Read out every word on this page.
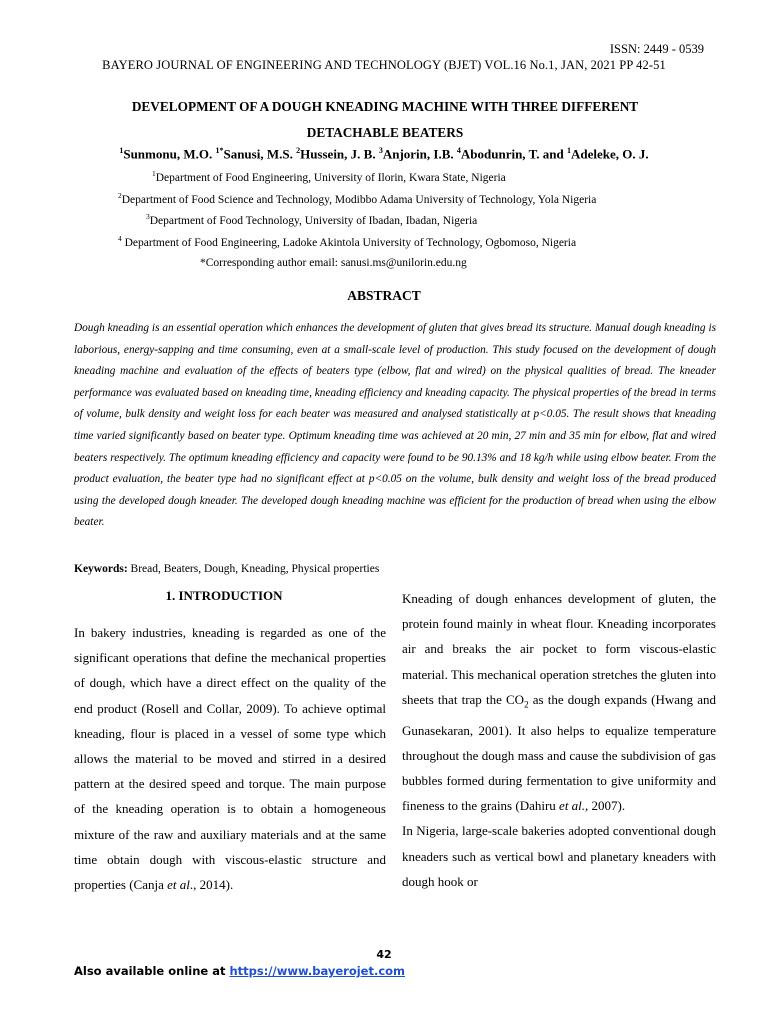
ISSN: 2449 - 0539
BAYERO JOURNAL OF ENGINEERING AND TECHNOLOGY (BJET) VOL.16 No.1, JAN, 2021 PP 42-51
DEVELOPMENT OF A DOUGH KNEADING MACHINE WITH THREE DIFFERENT
DETACHABLE BEATERS
$^1$Sunmonu, M.O. $^{1*}$Sanusi, M.S. $^2$Hussein, J. B. $^3$Anjorin, I.B. $^4$Abodunrin, T. and $^1$Adeleke, O. J.
$^1$Department of Food Engineering, University of Ilorin, Kwara State, Nigeria
$^2$Department of Food Science and Technology, Modibbo Adama University of Technology, Yola Nigeria
$^3$Department of Food Technology, University of Ibadan, Ibadan, Nigeria
$^4$ Department of Food Engineering, Ladoke Akintola University of Technology, Ogbomoso, Nigeria
*Corresponding author email: sanusi.ms@unilorin.edu.ng
ABSTRACT
Dough kneading is an essential operation which enhances the development of gluten that gives bread its structure. Manual dough kneading is laborious, energy-sapping and time consuming, even at a small-scale level of production. This study focused on the development of dough kneading machine and evaluation of the effects of beaters type (elbow, flat and wired) on the physical qualities of bread. The kneader performance was evaluated based on kneading time, kneading efficiency and kneading capacity. The physical properties of the bread in terms of volume, bulk density and weight loss for each beater was measured and analysed statistically at p<0.05. The result shows that kneading time varied significantly based on beater type. Optimum kneading time was achieved at 20 min, 27 min and 35 min for elbow, flat and wired beaters respectively. The optimum kneading efficiency and capacity were found to be 90.13% and 18 kg/h while using elbow beater. From the product evaluation, the beater type had no significant effect at p<0.05 on the volume, bulk density and weight loss of the bread produced using the developed dough kneader. The developed dough kneading machine was efficient for the production of bread when using the elbow beater.
Keywords: Bread, Beaters, Dough, Kneading, Physical properties
1. INTRODUCTION

In bakery industries, kneading is regarded as one of the significant operations that define the mechanical properties of dough, which have a direct effect on the quality of the end product (Rosell and Collar, 2009). To achieve optimal kneading, flour is placed in a vessel of some type which allows the material to be moved and stirred in a desired pattern at the desired speed and torque. The main purpose of the kneading operation is to obtain a homogeneous mixture of the raw and auxiliary materials and at the same time obtain dough with viscous-elastic structure and properties (Canja et al., 2014).

Kneading of dough enhances development of gluten, the protein found mainly in wheat flour. Kneading incorporates air and breaks the air pocket to form viscous-elastic material. This mechanical operation stretches the gluten into sheets that trap the $CO_2$ as the dough expands (Hwang and Gunasekaran, 2001). It also helps to equalize temperature throughout the dough mass and cause the subdivision of gas bubbles formed during fermentation to give uniformity and fineness to the grains (Dahiru et al., 2007).

In Nigeria, large-scale bakeries adopted conventional dough kneaders such as vertical bowl and planetary kneaders with dough hook or

42
Also available online at https://www.bayerojet.com
